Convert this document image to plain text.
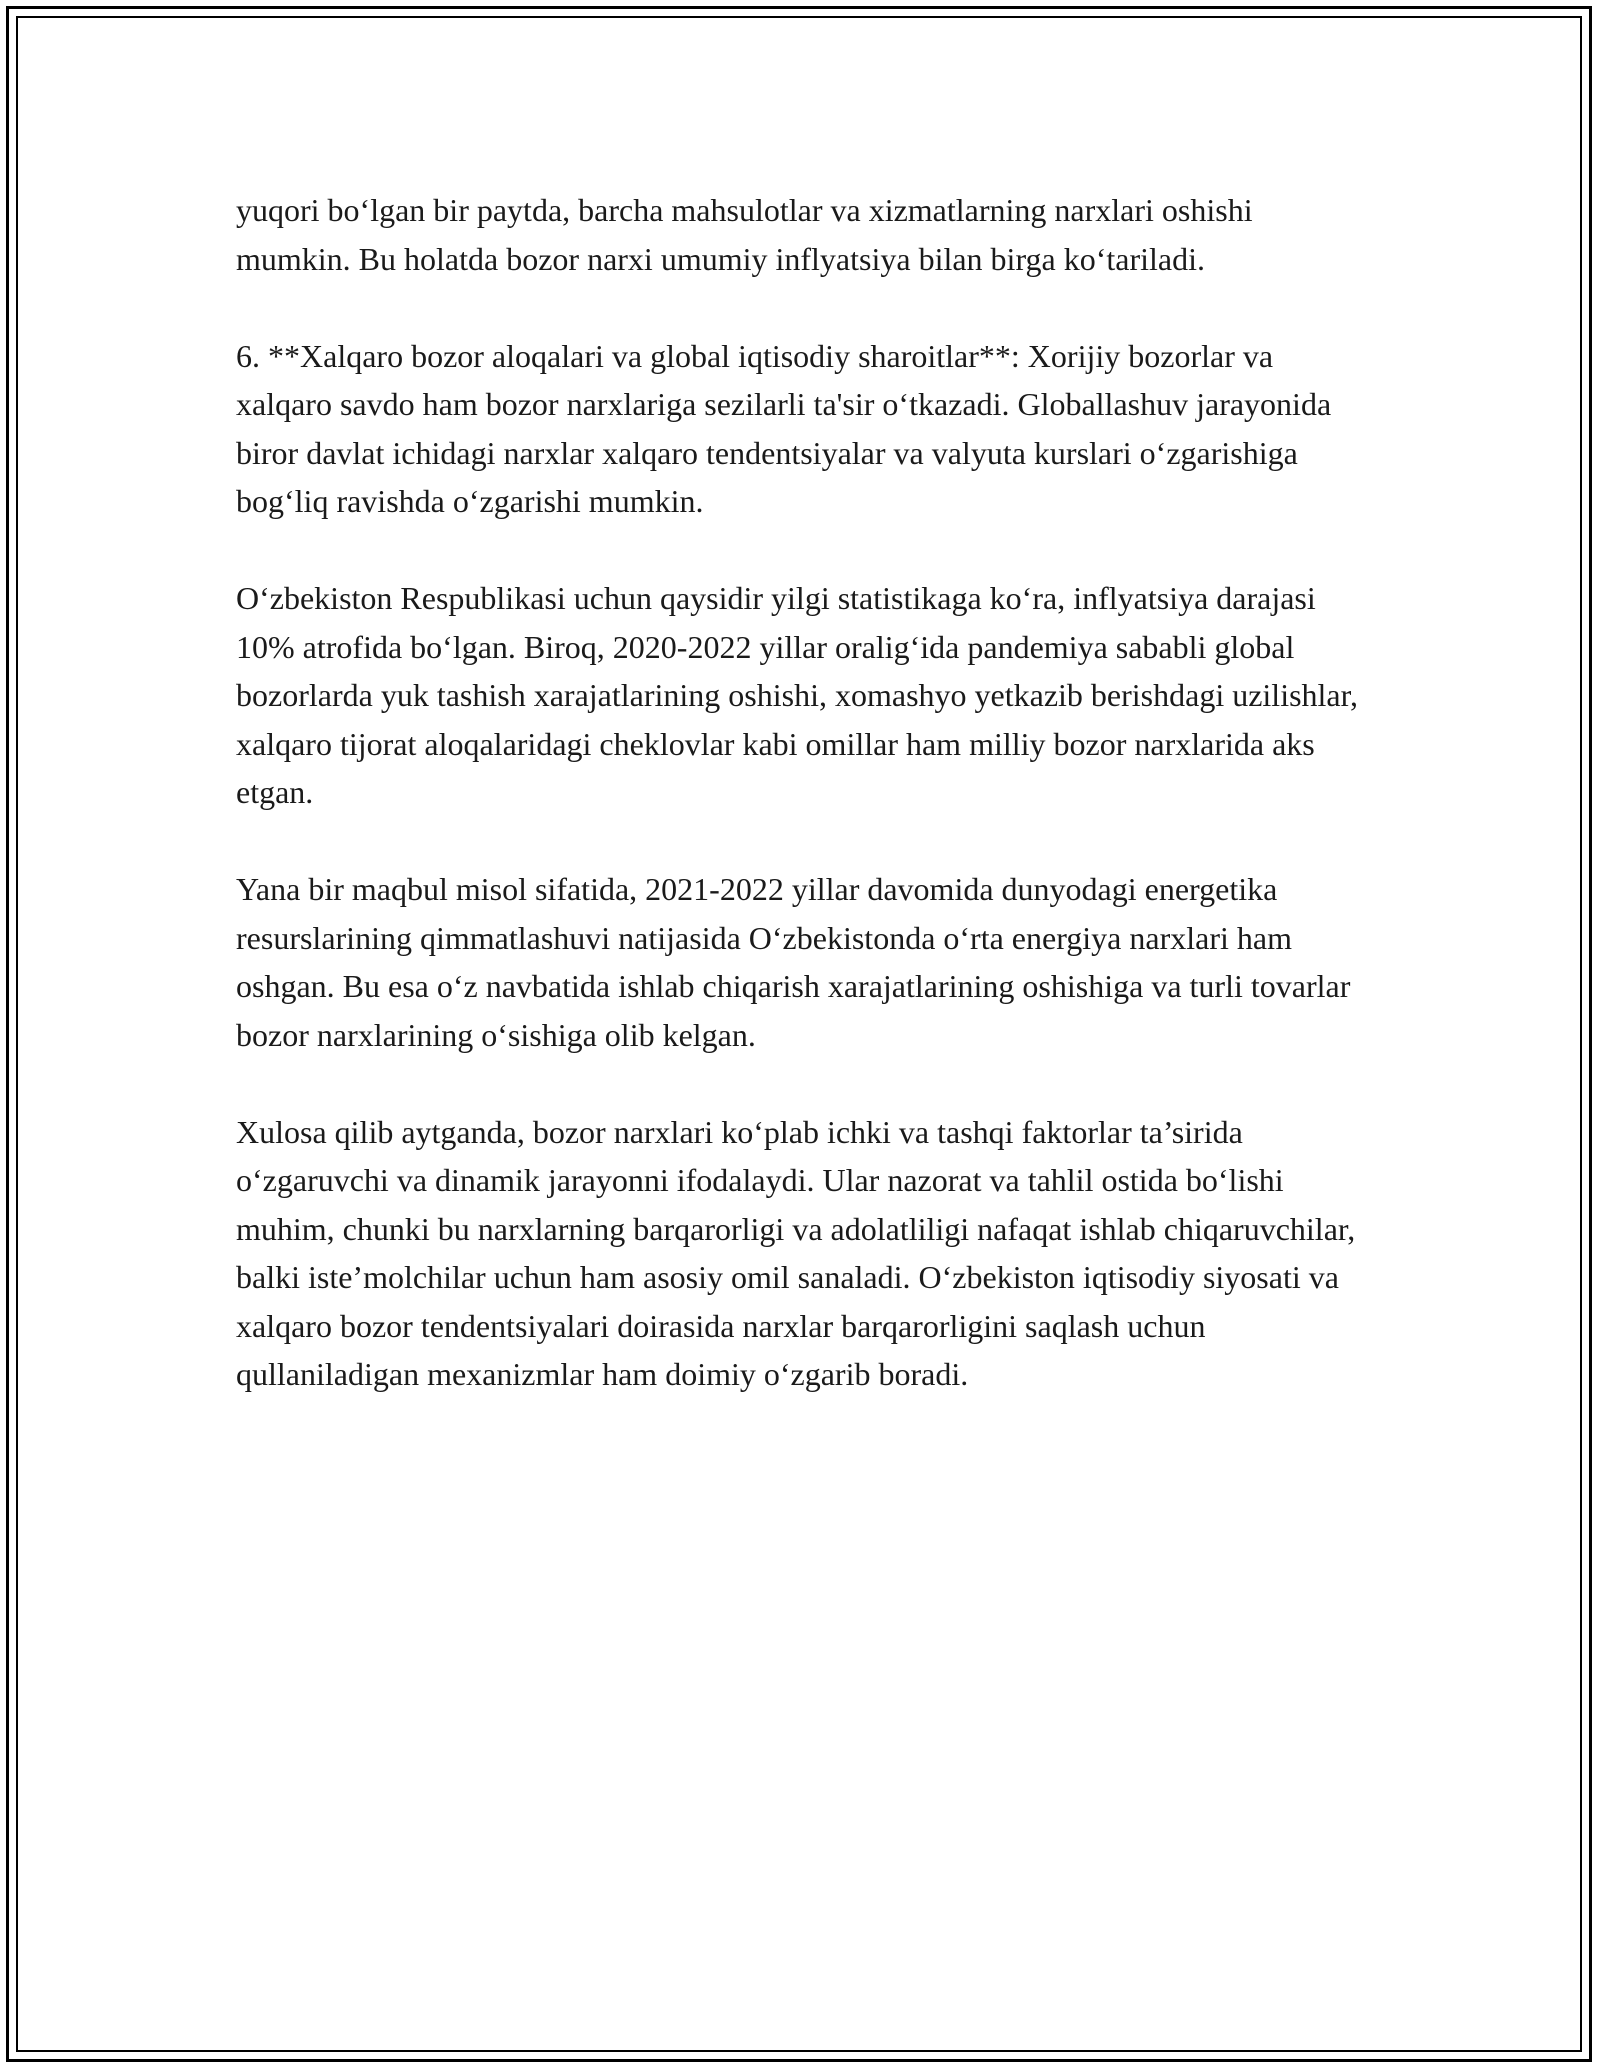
yuqori bo‘lgan bir paytda, barcha mahsulotlar va xizmatlarning narxlari oshishi mumkin. Bu holatda bozor narxi umumiy inflyatsiya bilan birga ko‘tariladi.

6. **Xalqaro bozor aloqalari va global iqtisodiy sharoitlar**: Xorijiy bozorlar va xalqaro savdo ham bozor narxlariga sezilarli ta'sir o‘tkazadi. Globallashuv jarayonida biror davlat ichidagi narxlar xalqaro tendentsiyalar va valyuta kurslari o‘zgarishiga bog‘liq ravishda o‘zgarishi mumkin.

O‘zbekiston Respublikasi uchun qaysidir yilgi statistikaga ko‘ra, inflyatsiya darajasi 10% atrofida bo‘lgan. Biroq, 2020-2022 yillar oralig‘ida pandemiya sababli global bozorlarda yuk tashish xarajatlarining oshishi, xomashyo yetkazib berishdagi uzilishlar, xalqaro tijorat aloqalaridagi cheklovlar kabi omillar ham milliy bozor narxlarida aks etgan.

Yana bir maqbul misol sifatida, 2021-2022 yillar davomida dunyodagi energetika resurslarining qimmatlashuvi natijasida O‘zbekistonda o‘rta energiya narxlari ham oshgan. Bu esa o‘z navbatida ishlab chiqarish xarajatlarining oshishiga va turli tovarlar bozor narxlarining o‘sishiga olib kelgan.

Xulosa qilib aytganda, bozor narxlari ko‘plab ichki va tashqi faktorlar ta’sirida o‘zgaruvchi va dinamik jarayonni ifodalaydi. Ular nazorat va tahlil ostida bo‘lishi muhim, chunki bu narxlarning barqarorligi va adolatliligi nafaqat ishlab chiqaruvchilar, balki iste’molchilar uchun ham asosiy omil sanaladi. O‘zbekiston iqtisodiy siyosati va xalqaro bozor tendentsiyalari doirasida narxlar barqarorligini saqlash uchun qullaniladigan mexanizmlar ham doimiy o‘zgarib boradi.
